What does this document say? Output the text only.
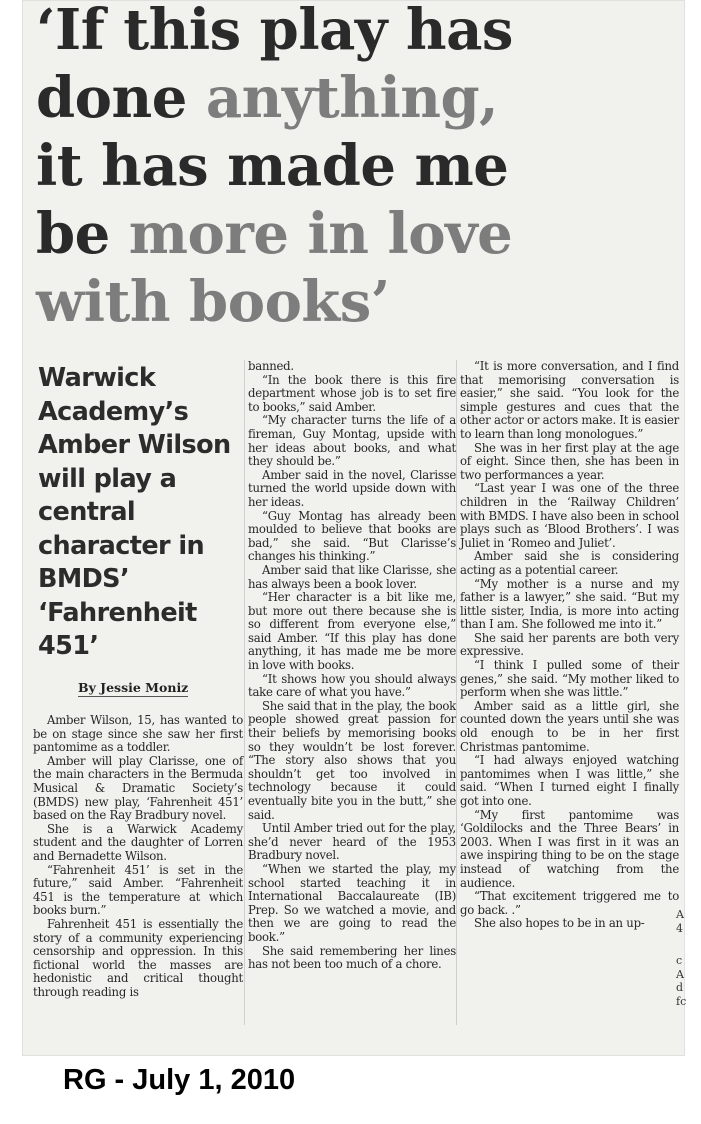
‘If this play has
done anything,
it has made me
be more in love
with books’
Warwick Academy’s Amber Wilson will play a central character in BMDS’ ‘Fahrenheit 451’
By Jessie Moniz

Amber Wilson, 15, has wanted to be on stage since she saw her first pantomime as a toddler.

Amber will play Clarisse, one of the main characters in the Bermuda Musical & Dramatic Society’s (BMDS) new play, ‘Fahrenheit 451’ based on the Ray Bradbury novel.

She is a Warwick Academy student and the daughter of Lorren and Bernadette Wilson.

“Fahrenheit 451’ is set in the future,” said Amber. “Fahrenheit 451 is the temperature at which books burn.”

Fahrenheit 451 is essentially the story of a community experiencing censorship and oppression. In this fictional world the masses are hedonistic and critical thought through reading is

banned.

“In the book there is this fire department whose job is to set fire to books,” said Amber.

“My character turns the life of a fireman, Guy Montag, upside with her ideas about books, and what they should be.”

Amber said in the novel, Clarisse turned the world upside down with her ideas.

“Guy Montag has already been moulded to believe that books are bad,” she said. “But Clarisse’s changes his thinking.”

Amber said that like Clarisse, she has always been a book lover.

“Her character is a bit like me, but more out there because she is so different from everyone else,” said Amber. “If this play has done anything, it has made me be more in love with books.

“It shows how you should always take care of what you have.”

She said that in the play, the book people showed great passion for their beliefs by memorising books so they wouldn’t be lost forever. “The story also shows that you shouldn’t get too involved in technology because it could eventually bite you in the butt,” she said.

Until Amber tried out for the play, she’d never heard of the 1953 Bradbury novel.

“When we started the play, my school started teaching it in International Baccalaureate (IB) Prep. So we watched a movie, and then we are going to read the book.”

She said remembering her lines has not been too much of a chore.

“It is more conversation, and I find that memorising conversation is easier,” she said. “You look for the simple gestures and cues that the other actor or actors make. It is easier to learn than long monologues.”

She was in her first play at the age of eight. Since then, she has been in two performances a year.

“Last year I was one of the three children in the ‘Railway Children’ with BMDS. I have also been in school plays such as ‘Blood Brothers’. I was Juliet in ‘Romeo and Juliet’.

Amber said she is considering acting as a potential career.

“My mother is a nurse and my father is a lawyer,” she said. “But my little sister, India, is more into acting than I am. She followed me into it.”

She said her parents are both very expressive.

“I think I pulled some of their genes,” she said. “My mother liked to perform when she was little.”

Amber said as a little girl, she counted down the years until she was old enough to be in her first Christmas pantomime.

“I had always enjoyed watching pantomimes when I was little,” she said. “When I turned eight I finally got into one.

“My first pantomime was ‘Goldilocks and the Three Bears’ in 2003. When I was first in it was an awe inspiring thing to be on the stage instead of watching from the audience.

“That excitement triggered me to go back. .”

She also hopes to be in an up-

A
4
c
A
d
fc
RG - July 1, 2010
